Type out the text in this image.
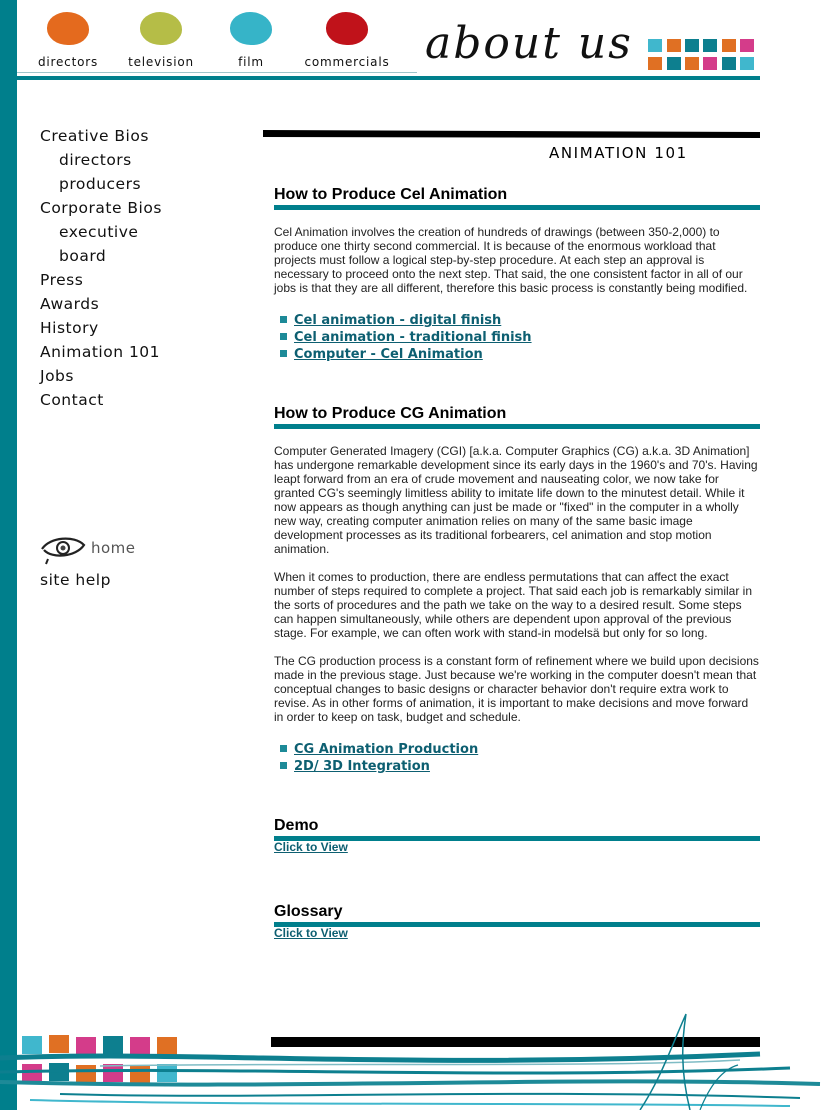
directors	television	film	commercials about us
Creative Bios
directors
producers
Corporate Bios
executive
board
Press
Awards
History
Animation 101
Jobs
Contact
home
site help
ANIMATION 101
How to Produce Cel Animation

Cel Animation involves the creation of hundreds of drawings (between 350-2,000) to produce one thirty second commercial. It is because of the enormous workload that projects must follow a logical step-by-step procedure. At each step an approval is necessary to proceed onto the next step. That said, the one consistent factor in all of our jobs is that they are all different, therefore this basic process is constantly being modified.

Cel animation - digital finish
Cel animation - traditional finish
Computer - Cel Animation
How to Produce CG Animation

Computer Generated Imagery (CGI) [a.k.a. Computer Graphics (CG) a.k.a. 3D Animation] has undergone remarkable development since its early days in the 1960's and 70's. Having leapt forward from an era of crude movement and nauseating color, we now take for granted CG's seemingly limitless ability to imitate life down to the minutest detail. While it now appears as though anything can just be made or "fixed" in the computer in a wholly new way, creating computer animation relies on many of the same basic image development processes as its traditional forbearers, cel animation and stop motion animation.

When it comes to production, there are endless permutations that can affect the exact number of steps required to complete a project. That said each job is remarkably similar in the sorts of procedures and the path we take on the way to a desired result. Some steps can happen simultaneously, while others are dependent upon approval of the previous stage. For example, we can often work with stand-in modelsä but only for so long.

The CG production process is a constant form of refinement where we build upon decisions made in the previous stage. Just because we're working in the computer doesn't mean that conceptual changes to basic designs or character behavior don't require extra work to revise. As in other forms of animation, it is important to make decisions and move forward in order to keep on task, budget and schedule.

CG Animation Production
2D/ 3D Integration
Demo
Click to View
Glossary
Click to View
